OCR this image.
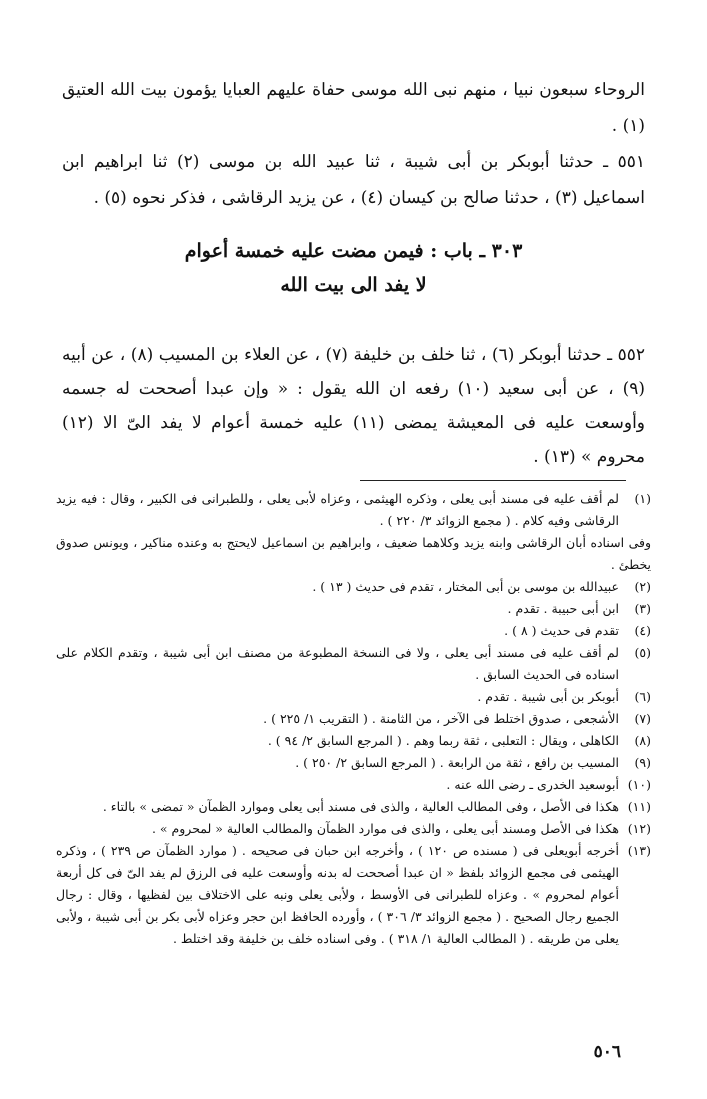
الروحاء سبعون نبيا ، منهم نبى الله موسى حفاة عليهم العبايا يؤمون بيت الله العتيق (١) .

٥٥١ ـ حدثنا أبوبكر بن أبى شيبة ، ثنا عبيد الله بن موسى (٢) ثنا ابراهيم ابن اسماعيل (٣) ، حدثنا صالح بن كيسان (٤) ، عن يزيد الرقاشى ، فذكر نحوه (٥) .

٣٠٣ ـ باب : فيمن مضت عليه خمسة أعوام
لا يفد الى بيت الله
٥٥٢ ـ حدثنا أبوبكر (٦) ، ثنا خلف بن خليفة (٧) ، عن العلاء بن المسيب (٨) ، عن أبيه (٩) ، عن أبى سعيد (١٠) رفعه ان الله يقول : « وإن عبدا أصححت له جسمه وأوسعت عليه فى المعيشة يمضى (١١) عليه خمسة أعوام لا يفد الىّ الا (١٢) محروم » (١٣) .
(١)
لم أقف عليه فى مسند أبى يعلى ، وذكره الهيثمى ، وعزاه لأبى يعلى ، وللطبرانى فى الكبير ، وقال : فيه يزيد الرقاشى وفيه كلام . ( مجمع الزوائد ٣/ ٢٢٠ ) .
وفى اسناده أبان الرقاشى وابنه يزيد وكلاهما ضعيف ، وابراهيم بن اسماعيل لايحتج به وعنده مناكير ، ويونس صدوق يخطئ .
(٢)
عبيدالله بن موسى بن أبى المختار ، تقدم فى حديث ( ١٣ ) .
(٣)
ابن أبى حبيبة . تقدم .
(٤)
تقدم فى حديث ( ٨ ) .
(٥)
لم أقف عليه فى مسند أبى يعلى ، ولا فى النسخة المطبوعة من مصنف ابن أبى شيبة ، وتقدم الكلام على اسناده فى الحديث السابق .
(٦)
أبوبكر بن أبى شيبة . تقدم .
(٧)
الأشجعى ، صدوق اختلط فى الآخر ، من الثامنة . ( التقريب ١/ ٢٢٥ ) .
(٨)
الكاهلى ، ويقال : التعلبى ، ثقة ربما وهم . ( المرجع السابق ٢/ ٩٤ ) .
(٩)
المسيب بن رافع ، ثقة من الرابعة . ( المرجع السابق ٢/ ٢٥٠ ) .
(١٠)
أبوسعيد الخدرى ـ رضى الله عنه .
(١١)
هكذا فى الأصل ، وفى المطالب العالية ، والذى فى مسند أبى يعلى وموارد الظمآن « تمضى » بالتاء .
(١٢)
هكذا فى الأصل ومسند أبى يعلى ، والذى فى موارد الظمآن والمطالب العالية « لمحروم » .
(١٣)
أخرجه أبويعلى فى ( مسنده ص ١٢٠ ) ، وأخرجه ابن حبان فى صحيحه . ( موارد الظمآن ص ٢٣٩ ) ، وذكره الهيثمى فى مجمع الزوائد بلفظ « ان عبدا أصححت له بدنه وأوسعت عليه فى الرزق لم يفد الىّ فى كل أربعة أعوام لمحروم » . وعزاه للطبرانى فى الأوسط ، ولأبى يعلى ونبه على الاختلاف بين لفظيها ، وقال : رجال الجميع رجال الصحيح . ( مجمع الزوائد ٣/ ٣٠٦ ) ، وأورده الحافظ ابن حجر وعزاه لأبى بكر بن أبى شيبة ، ولأبى يعلى من طريقه . ( المطالب العالية ١/ ٣١٨ ) . وفى اسناده خلف بن خليفة وقد اختلط .
٥٠٦
